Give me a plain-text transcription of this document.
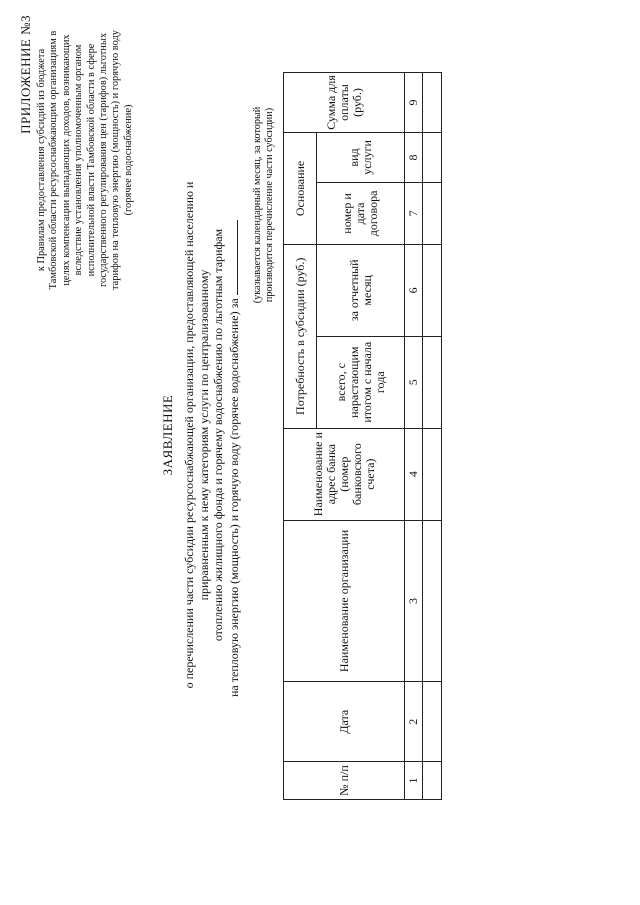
ПРИЛОЖЕНИЕ №3 к Правилам предоставления субсидий из бюджета Тамбовской области ресурсоснабжающим организациям в целях компенсации выпадающих доходов, возникающих вследствие установления уполномоченным органом исполнительной власти Тамбовской области в сфере государственного регулирования цен (тарифов) льготных тарифов на тепловую энергию (мощность) и горячую воду (горячее водоснабжение)
ЗАЯВЛЕНИЕ о перечислении части субсидии ресурсоснабжающей организации, предоставляющей населению и приравненным к нему категориям услуги по централизованному отоплению жилищного фонда и горячему водоснабжению по льготным тарифам на тепловую энергию (мощность) и горячую воду (горячее водоснабжение) за
(указывается календарный месяц, за который производится перечисление части субсидии)
№ п/п	Дата	Наименование организации	Наименование и адрес банка (номер банковского счета)	Потребность в субсидии (руб.)		Основание		Сумма для оплаты (руб.)
				всего, с нарастающим итогом с начала года	за отчетный месяц	номер и дата договора	вид услуги	
1	2	3	4	5	6	7	8	9
